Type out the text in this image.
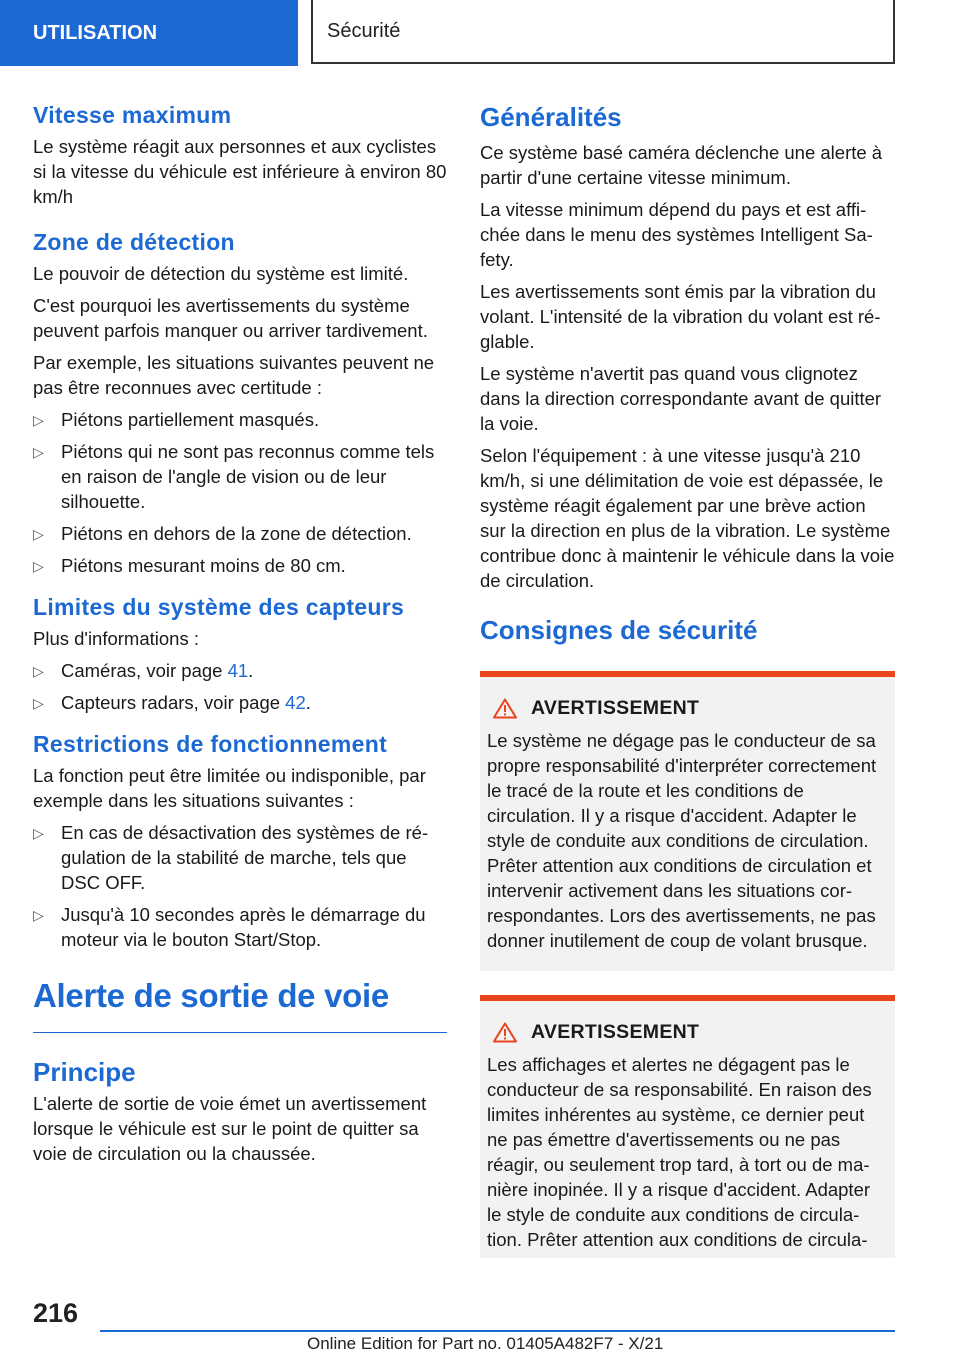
UTILISATION	Sécurité
Vitesse maximum

Le système réagit aux personnes et aux cyclistes si la vitesse du véhicule est inférieure à environ 80 km/h

Zone de détection

Le pouvoir de détection du système est limité.

C'est pourquoi les avertissements du système peuvent parfois manquer ou arriver tardivement.

Par exemple, les situations suivantes peuvent ne pas être reconnues avec certitude :

▷ Piétons partiellement masqués.
▷ Piétons qui ne sont pas reconnus comme tels en raison de l'angle de vision ou de leur silhouette.
▷ Piétons en dehors de la zone de détection.
▷ Piétons mesurant moins de 80 cm.
Limites du système des capteurs

Plus d'informations :

▷ Caméras, voir page 41.
▷ Capteurs radars, voir page 42.
Restrictions de fonctionnement

La fonction peut être limitée ou indisponible, par exemple dans les situations suivantes :

▷ En cas de désactivation des systèmes de régulation de la stabilité de marche, tels que DSC OFF.
▷ Jusqu'à 10 secondes après le démarrage du moteur via le bouton Start/Stop.
Alerte de sortie de voie
Principe

L'alerte de sortie de voie émet un avertissement lorsque le véhicule est sur le point de quitter sa voie de circulation ou la chaussée.

Généralités

Ce système basé caméra déclenche une alerte à partir d'une certaine vitesse minimum.

La vitesse minimum dépend du pays et est affichée dans le menu des systèmes Intelligent Safety.

Les avertissements sont émis par la vibration du volant. L'intensité de la vibration du volant est réglable.

Le système n'avertit pas quand vous clignotez dans la direction correspondante avant de quitter la voie.

Selon l'équipement : à une vitesse jusqu'à 210 km/h, si une délimitation de voie est dépassée, le système réagit également par une brève action sur la direction en plus de la vibration. Le système contribue donc à maintenir le véhicule dans la voie de circulation.

Consignes de sécurité
AVERTISSEMENT

Le système ne dégage pas le conducteur de sa propre responsabilité d'interpréter correctement le tracé de la route et les conditions de circulation. Il y a risque d'accident. Adapter le style de conduite aux conditions de circulation. Prêter attention aux conditions de circulation et intervenir activement dans les situations correspondantes. Lors des avertissements, ne pas donner inutilement de coup de volant brusque.

AVERTISSEMENT

Les affichages et alertes ne dégagent pas le conducteur de sa responsabilité. En raison des limites inhérentes au système, ce dernier peut ne pas émettre d'avertissements ou ne pas réagir, ou seulement trop tard, à tort ou de manière inopinée. Il y a risque d'accident. Adapter le style de conduite aux conditions de circulation. Prêter attention aux conditions de circula-

216
Online Edition for Part no. 01405A482F7 - X/21
